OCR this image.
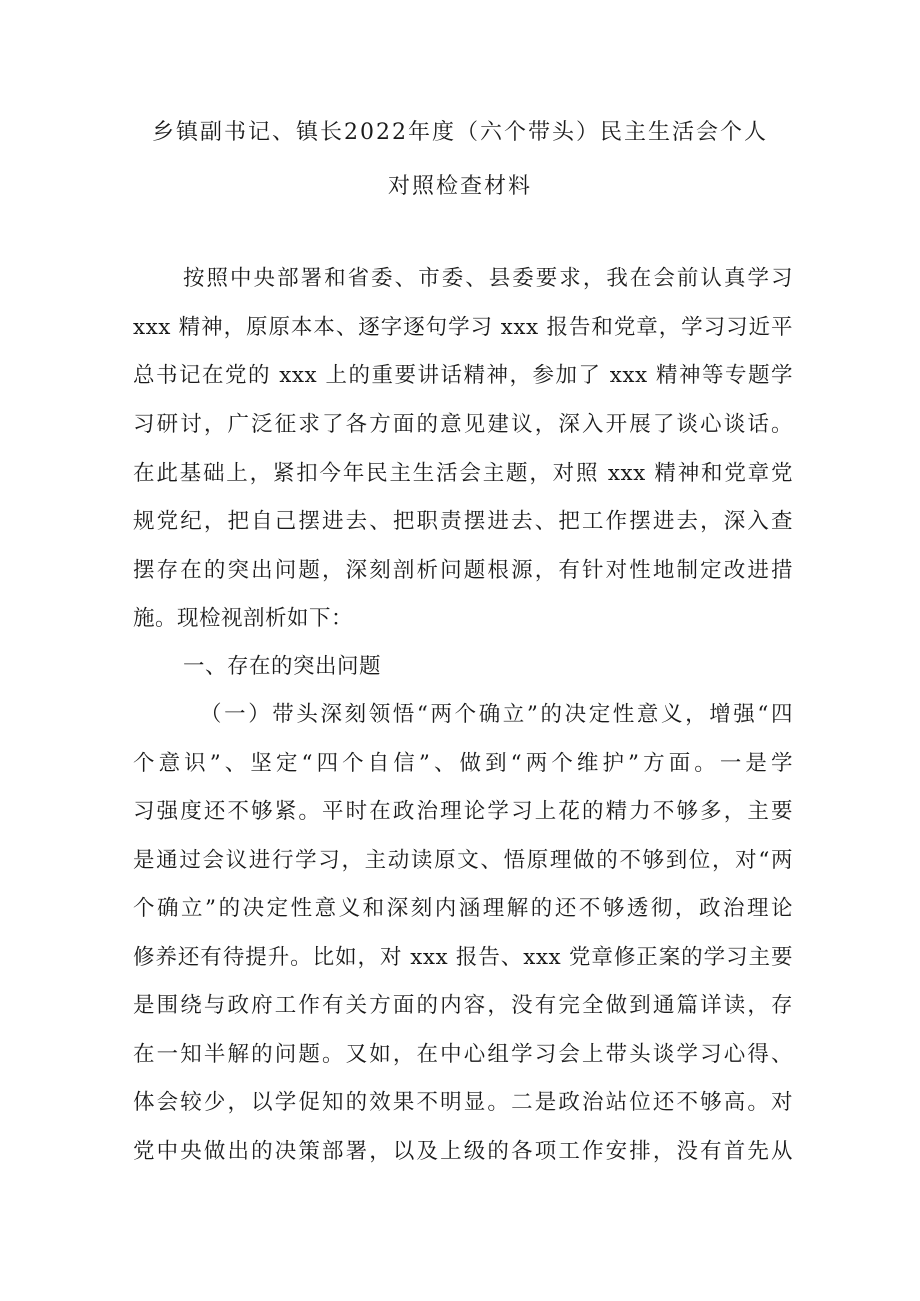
乡镇副书记、镇长2022年度（六个带头）民主生活会个人
对照检查材料
按照中央部署和省委、市委、县委要求，我在会前认真学习
xxx 精神，原原本本、逐字逐句学习 xxx 报告和党章，学习习近平
总书记在党的 xxx 上的重要讲话精神，参加了 xxx 精神等专题学
习研讨，广泛征求了各方面的意见建议，深入开展了谈心谈话。
在此基础上，紧扣今年民主生活会主题，对照 xxx 精神和党章党
规党纪，把自己摆进去、把职责摆进去、把工作摆进去，深入查
摆存在的突出问题，深刻剖析问题根源，有针对性地制定改进措
施。现检视剖析如下：
一、存在的突出问题
（一）带头深刻领悟“两个确立”的决定性意义，增强“四
个意识”、坚定“四个自信”、做到“两个维护”方面。一是学
习强度还不够紧。平时在政治理论学习上花的精力不够多，主要
是通过会议进行学习，主动读原文、悟原理做的不够到位，对“两
个确立”的决定性意义和深刻内涵理解的还不够透彻，政治理论
修养还有待提升。比如，对 xxx 报告、xxx 党章修正案的学习主要
是围绕与政府工作有关方面的内容，没有完全做到通篇详读，存
在一知半解的问题。又如，在中心组学习会上带头谈学习心得、
体会较少，以学促知的效果不明显。二是政治站位还不够高。对
党中央做出的决策部署，以及上级的各项工作安排，没有首先从
